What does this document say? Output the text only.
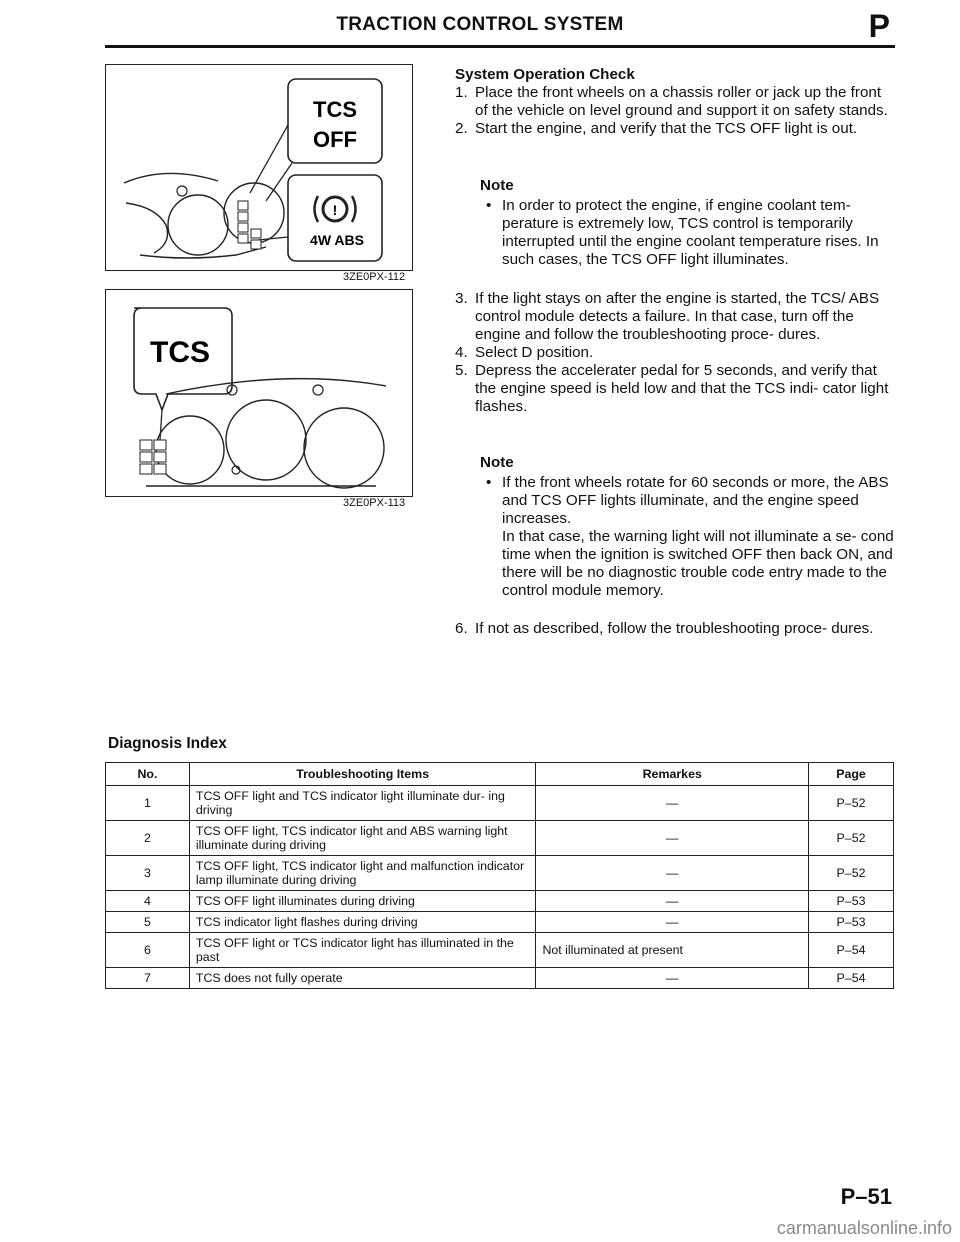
TRACTION CONTROL SYSTEM	P
TCS
OFF
!
4W ABS
3ZE0PX-112
TCS
3ZE0PX-113

System Operation Check

1. Place the front wheels on a chassis roller or jack up the front of the vehicle on level ground and support it on safety stands.
2. Start the engine, and verify that the TCS OFF light is out.
Note
• In order to protect the engine, if engine coolant tem- perature is extremely low, TCS control is temporarily interrupted until the engine coolant temperature rises. In such cases, the TCS OFF light illuminates.
3. If the light stays on after the engine is started, the TCS/ ABS control module detects a failure. In that case, turn off the engine and follow the troubleshooting proce- dures.
4. Select D position.
5. Depress the accelerater pedal for 5 seconds, and verify that the engine speed is held low and that the TCS indi- cator light flashes.
Note
• If the front wheels rotate for 60 seconds or more, the ABS and TCS OFF lights illuminate, and the engine speed increases.
In that case, the warning light will not illuminate a se- cond time when the ignition is switched OFF then back ON, and there will be no diagnostic trouble code entry made to the control module memory.
6. If not as described, follow the troubleshooting proce- dures.
Diagnosis Index
No.	Troubleshooting Items	Remarkes	Page
1	TCS OFF light and TCS indicator light illuminate dur- ing driving	—	P–52
2	TCS OFF light, TCS indicator light and ABS warning light illuminate during driving	—	P–52
3	TCS OFF light, TCS indicator light and malfunction indicator lamp illuminate during driving	—	P–52
4	TCS OFF light illuminates during driving	—	P–53
5	TCS indicator light flashes during driving	—	P–53
6	TCS OFF light or TCS indicator light has illuminated in the past	Not illuminated at present	P–54
7	TCS does not fully operate	—	P–54
P–51
carmanualsonline.info
